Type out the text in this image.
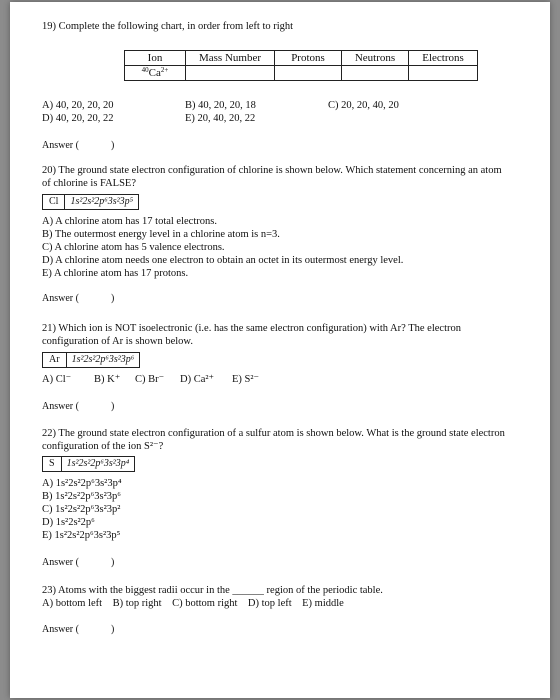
19) Complete the following chart, in order from left to right
Ion	Mass Number	Protons	Neutrons	Electrons
$^{40}Ca^{2+}$				
A) 40, 20, 20, 20	B) 40, 20, 20, 18	C) 20, 20, 40, 20
D) 40, 20, 20, 22	E) 20, 40, 20, 22
Answer (	)
20) The ground state electron configuration of chlorine is shown below. Which statement concerning an atom
of chlorine is FALSE?
Cl	1s²2s²2p⁶3s²3p⁵
A) A chlorine atom has 17 total electrons.
B) The outermost energy level in a chlorine atom is n=3.
C) A chlorine atom has 5 valence electrons.
D) A chlorine atom needs one electron to obtain an octet in its outermost energy level.
E) A chlorine atom has 17 protons.
Answer (	)
21) Which ion is NOT isoelectronic (i.e. has the same electron configuration) with Ar? The electron
configuration of Ar is shown below.
Ar	1s²2s²2p⁶3s²3p⁶
A) Cl⁻ B) K⁺ C) Br⁻ D) Ca²⁺ E) S²⁻
Answer (	)
22) The ground state electron configuration of a sulfur atom is shown below. What is the ground state electron
configuration of the ion S²⁻?
S	1s²2s²2p⁶3s²3p⁴
A) 1s²2s²2p⁶3s²3p⁴
B) 1s²2s²2p⁶3s²3p⁶
C) 1s²2s²2p⁶3s²3p²
D) 1s²2s²2p⁶
E) 1s²2s²2p⁶3s²3p⁵
Answer (	)
23) Atoms with the biggest radii occur in the ______ region of the periodic table.
A) bottom left    B) top right    C) bottom right    D) top left    E) middle
Answer (	)
